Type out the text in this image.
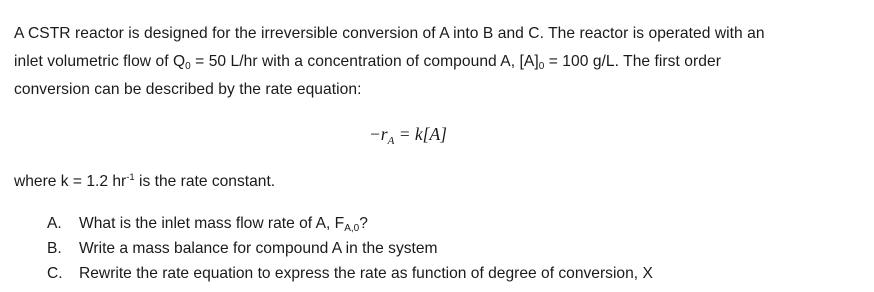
A CSTR reactor is designed for the irreversible conversion of A into B and C. The reactor is operated with an
inlet volumetric flow of Q0 = 50 L/hr with a concentration of compound A, [A]0 = 100 g/L. The first order
conversion can be described by the rate equation:
$-r_A = k[A]$
where k = 1.2 $hr^{-1}$ is the rate constant.
A. What is the inlet mass flow rate of A, FA,0?
B. Write a mass balance for compound A in the system
C. Rewrite the rate equation to express the rate as function of degree of conversion, X
